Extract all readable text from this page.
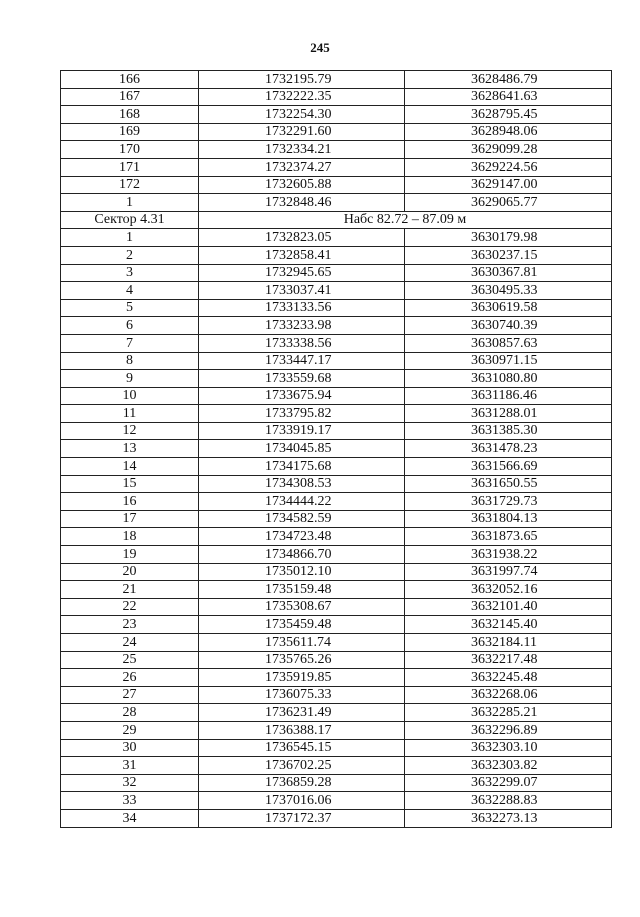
245
166	1732195.79	3628486.79
167	1732222.35	3628641.63
168	1732254.30	3628795.45
169	1732291.60	3628948.06
170	1732334.21	3629099.28
171	1732374.27	3629224.56
172	1732605.88	3629147.00
1	1732848.46	3629065.77
Сектор 4.31	Набс 82.72 – 87.09 м	
1	1732823.05	3630179.98
2	1732858.41	3630237.15
3	1732945.65	3630367.81
4	1733037.41	3630495.33
5	1733133.56	3630619.58
6	1733233.98	3630740.39
7	1733338.56	3630857.63
8	1733447.17	3630971.15
9	1733559.68	3631080.80
10	1733675.94	3631186.46
11	1733795.82	3631288.01
12	1733919.17	3631385.30
13	1734045.85	3631478.23
14	1734175.68	3631566.69
15	1734308.53	3631650.55
16	1734444.22	3631729.73
17	1734582.59	3631804.13
18	1734723.48	3631873.65
19	1734866.70	3631938.22
20	1735012.10	3631997.74
21	1735159.48	3632052.16
22	1735308.67	3632101.40
23	1735459.48	3632145.40
24	1735611.74	3632184.11
25	1735765.26	3632217.48
26	1735919.85	3632245.48
27	1736075.33	3632268.06
28	1736231.49	3632285.21
29	1736388.17	3632296.89
30	1736545.15	3632303.10
31	1736702.25	3632303.82
32	1736859.28	3632299.07
33	1737016.06	3632288.83
34	1737172.37	3632273.13
